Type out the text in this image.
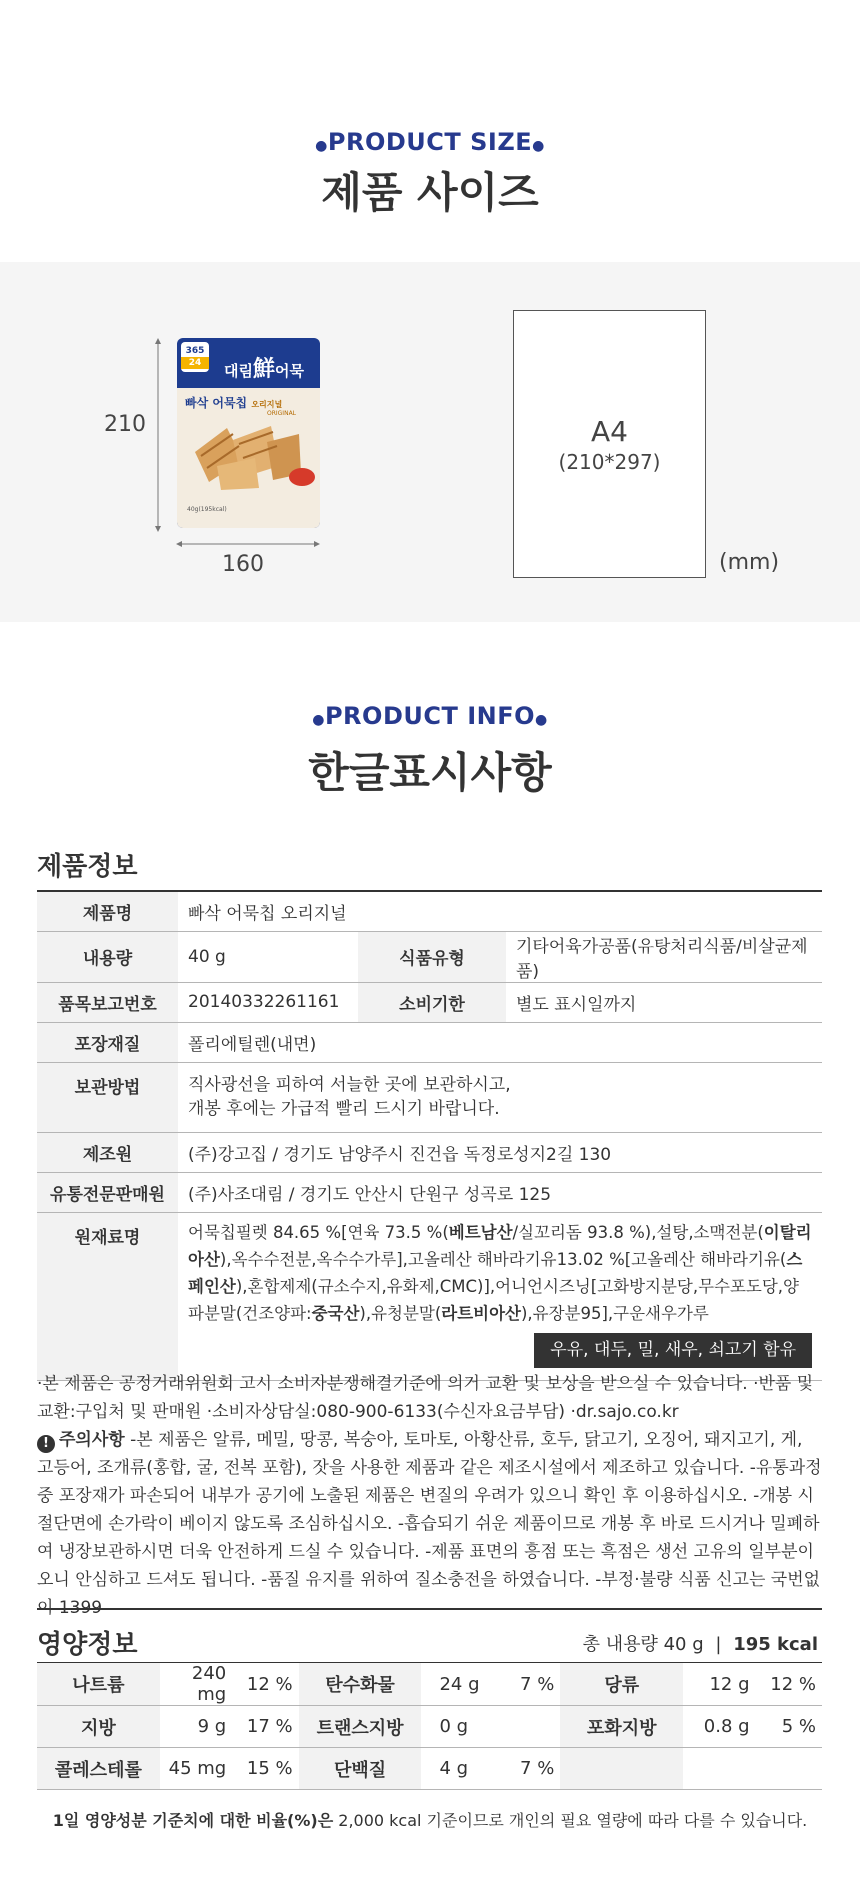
●PRODUCT SIZE●
제품 사이즈
210
160
365
24	대림鮮어묵
빠삭 어묵칩 오리지널
ORIGINAL
40g(195kcal)
A4
(210*297)
(mm)
●PRODUCT INFO●
한글표시사항
제품정보
제품명	빠삭 어묵칩 오리지널		
내용량	40 g	식품유형	기타어육가공품(유탕처리식품/비살균제품)
품목보고번호	20140332261161	소비기한	별도 표시일까지
포장재질	폴리에틸렌(내면)		
보관방법	직사광선을 피하여 서늘한 곳에 보관하시고,
개봉 후에는 가급적 빨리 드시기 바랍니다.		

제조원	(주)강고집 / 경기도 남양주시 진건읍 독정로성지2길 130		
유통전문판매원	(주)사조대림 / 경기도 안산시 단원구 성곡로 125		
원재료명	어묵칩필렛 84.65 %[연육 73.5 %(베트남산/실꼬리돔 93.8 %),설탕,소맥전분(이탈리아산),옥수수전분,옥수수가루],고올레산 해바라기유13.02 %[고올레산 해바라기유(스페인산),혼합제제(규소수지,유화제,CMC)],어니언시즈닝[고화방지분당,무수포도당,양파분말(건조양파:중국산),유청분말(라트비아산),유장분95],구운새우가루
우유, 대두, 밀, 새우, 쇠고기 함유		
·본 제품은 공정거래위원회 고시 소비자분쟁해결기준에 의거 교환 및 보상을 받으실 수 있습니다. ·반품 및 교환:구입처 및 판매원 ·소비자상담실:080-900-6133(수신자요금부담) ·dr.sajo.co.kr
! 주의사항 -본 제품은 알류, 메밀, 땅콩, 복숭아, 토마토, 아황산류, 호두, 닭고기, 오징어, 돼지고기, 게, 고등어, 조개류(홍합, 굴, 전복 포함), 잣을 사용한 제품과 같은 제조시설에서 제조하고 있습니다. -유통과정 중 포장재가 파손되어 내부가 공기에 노출된 제품은 변질의 우려가 있으니 확인 후 이용하십시오. -개봉 시 절단면에 손가락이 베이지 않도록 조심하십시오. -흡습되기 쉬운 제품이므로 개봉 후 바로 드시거나 밀폐하여 냉장보관하시면 더욱 안전하게 드실 수 있습니다. -제품 표면의 흥점 또는 흑점은 생선 고유의 일부분이오니 안심하고 드셔도 됩니다. -품질 유지를 위하여 질소충전을 하였습니다. -부정·불량 식품 신고는 국번없이 1399
영양정보	총 내용량 40 g | 195 kcal
나트륨	240 mg	12 %	탄수화물	24 g	7 %	당류	12 g	12 %
지방	9 g	17 %	트랜스지방	0 g		포화지방	0.8 g	5 %
콜레스테롤	45 mg	15 %	단백질	4 g	7 %			
1일 영양성분 기준치에 대한 비율(%)은 2,000 kcal 기준이므로 개인의 필요 열량에 따라 다를 수 있습니다.
